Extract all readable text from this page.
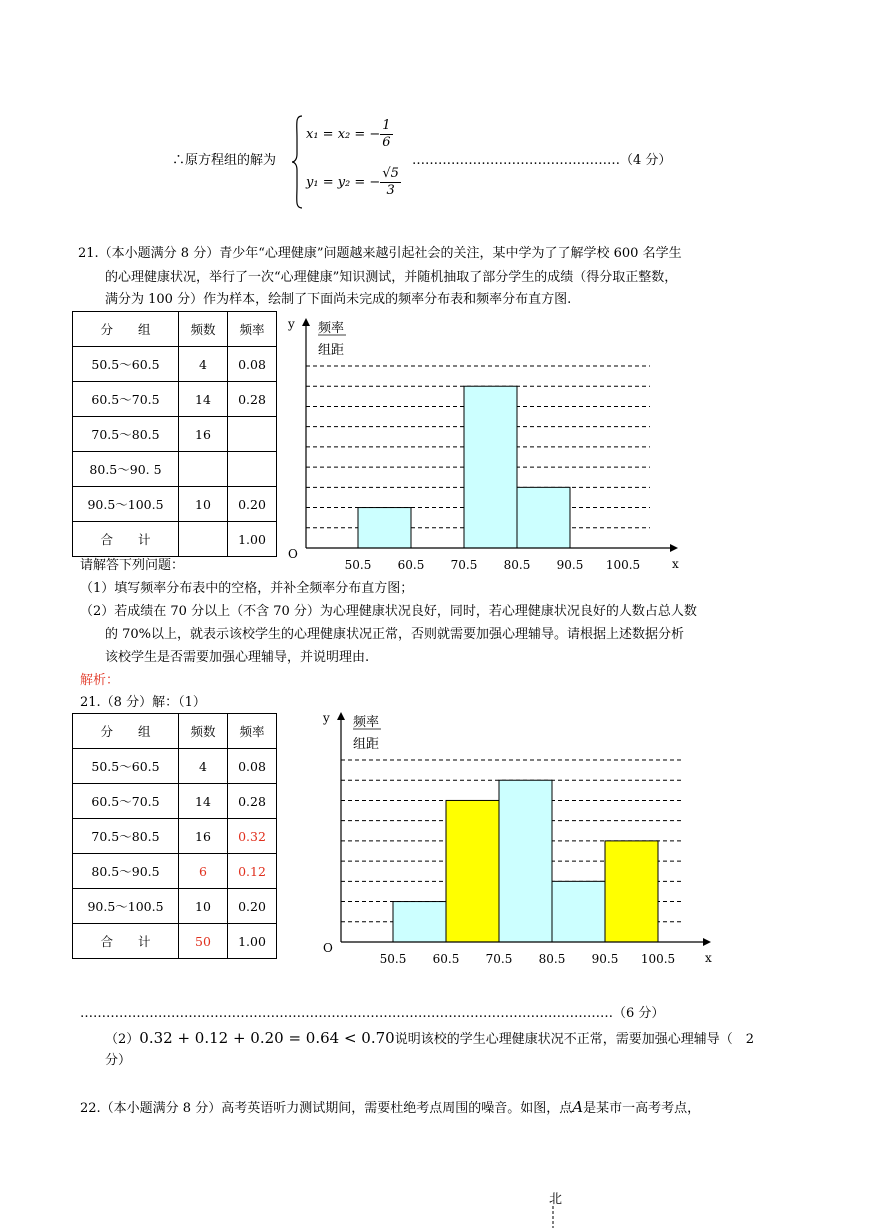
∴原方程组的解为
x₁ = x₂ = − $\frac{1}{6}$
y₁ = y₂ = − $\frac{√5}{3}$
…………………………………………（4 分）
21.（本小题满分 8 分）青少年“心理健康”问题越来越引起社会的关注，某中学为了了解学校 600 名学生
的心理健康状况，举行了一次“心理健康”知识测试，并随机抽取了部分学生的成绩（得分取正整数，
满分为 100 分）作为样本，绘制了下面尚未完成的频率分布表和频率分布直方图.
分　　组	频数	频率
50.5～60.5	4	0.08
60.5～70.5	14	0.28
70.5～80.5	16	
80.5～90. 5		
90.5～100.5	10	0.20
合　　计		1.00
O
y
x
频率
组距
50.5 60.5 70.5 80.5 90.5 100.5
请解答下列问题：
（1）填写频率分布表中的空格，并补全频率分布直方图；
（2）若成绩在 70 分以上（不含 70 分）为心理健康状况良好，同时，若心理健康状况良好的人数占总人数
的 70%以上，就表示该校学生的心理健康状况正常，否则就需要加强心理辅导。请根据上述数据分析
该校学生是否需要加强心理辅导，并说明理由.
解析：
21.（8 分）解：（1）
分　　组	频数	频率
50.5～60.5	4	0.08
60.5～70.5	14	0.28
70.5～80.5	16	0.32
80.5～90.5	6	0.12
90.5～100.5	10	0.20
合　　计	50	1.00	O
y
x
频率
组距
50.5 60.5 70.5 80.5 90.5 100.5
……………………………………………………………………………………………………………（6 分）
（2）0.32 + 0.12 + 0.20 = 0.64 < 0.70说明该校的学生心理健康状况不正常，需要加强心理辅导（　2
分）
22.（本小题满分 8 分）高考英语听力测试期间，需要杜绝考点周围的噪音。如图，点A是某市一高考考点，
北
